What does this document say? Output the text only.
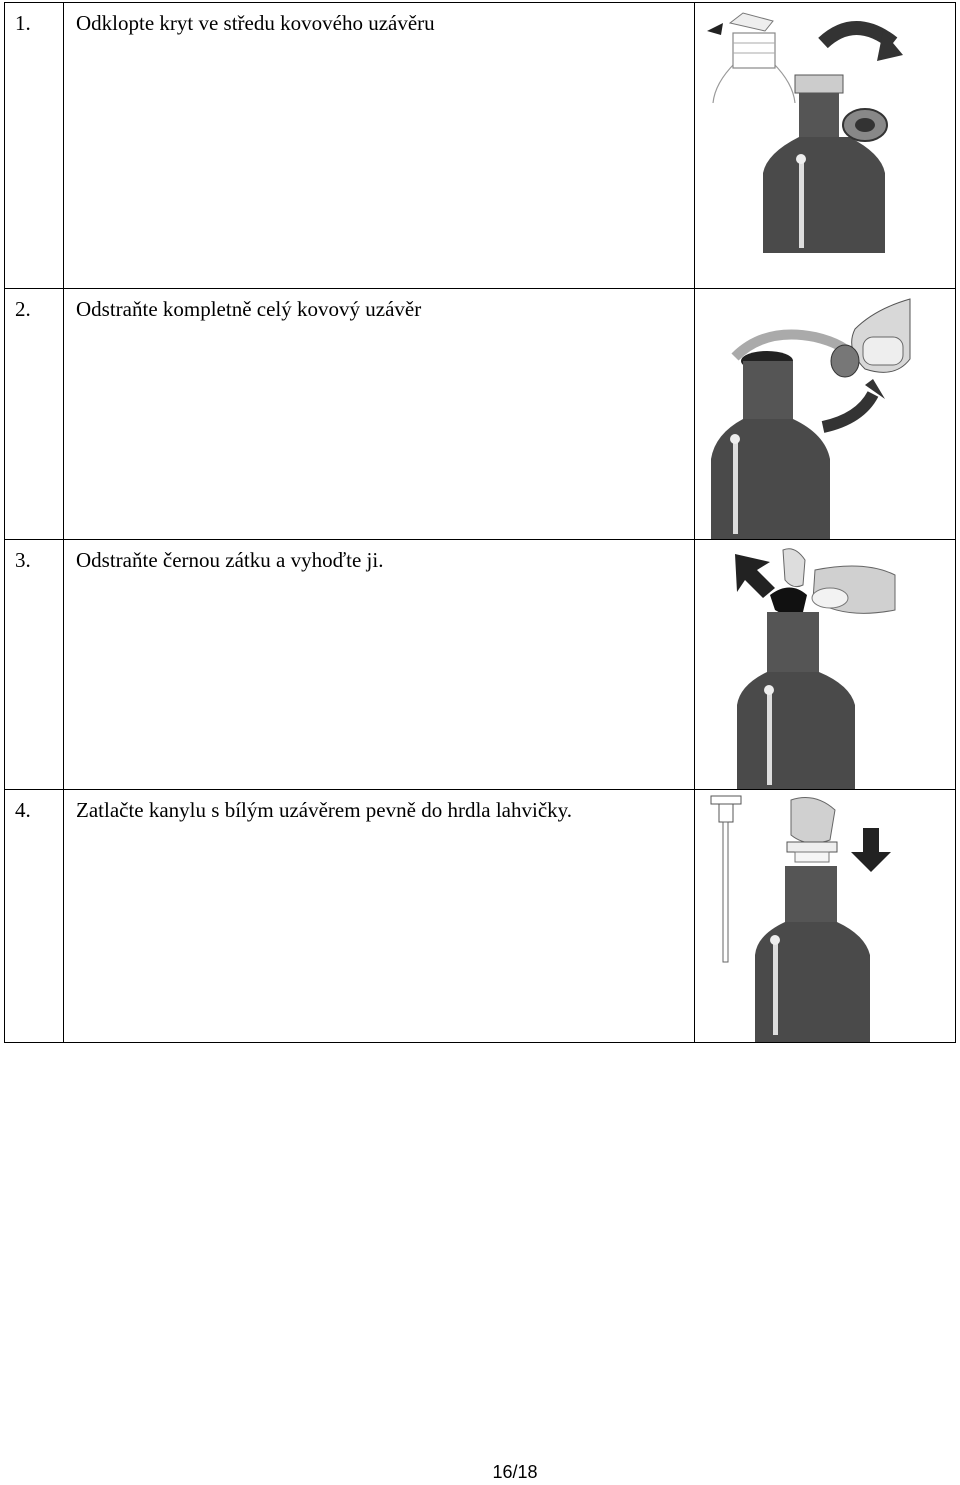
1.	Odklopte kryt ve středu kovového uzávěru	

2.	Odstraňte kompletně celý kovový uzávěr	

3.	Odstraňte černou zátku a vyhoďte ji.	

4.	Zatlačte kanylu s bílým uzávěrem pevně do hrdla lahvičky.	
16/18
